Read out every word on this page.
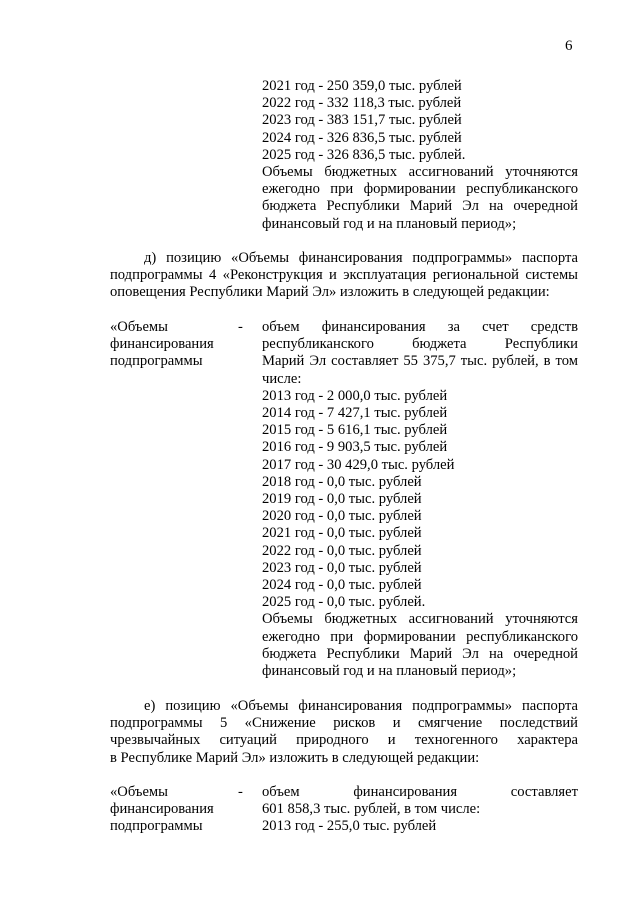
6
2021 год - 250 359,0 тыс. рублей
2022 год - 332 118,3 тыс. рублей
2023 год - 383 151,7 тыс. рублей
2024 год - 326 836,5 тыс. рублей
2025 год - 326 836,5 тыс. рублей.
Объемы бюджетных ассигнований уточняются
ежегодно при формировании республиканского
бюджета Республики Марий Эл на очередной
финансовый год и на плановый период»;
д) позицию «Объемы финансирования подпрограммы» паспорта
подпрограммы 4 «Реконструкция и эксплуатация региональной системы
оповещения Республики Марий Эл» изложить в следующей редакции:
«Объемы
финансирования
подпрограммы
- объем финансирования за счет средств
республиканского бюджета Республики
Марий Эл составляет 55 375,7 тыс. рублей, в том
числе:
2013 год - 2 000,0 тыс. рублей
2014 год - 7 427,1 тыс. рублей
2015 год - 5 616,1 тыс. рублей
2016 год - 9 903,5 тыс. рублей
2017 год - 30 429,0 тыс. рублей
2018 год - 0,0 тыс. рублей
2019 год - 0,0 тыс. рублей
2020 год - 0,0 тыс. рублей
2021 год - 0,0 тыс. рублей
2022 год - 0,0 тыс. рублей
2023 год - 0,0 тыс. рублей
2024 год - 0,0 тыс. рублей
2025 год - 0,0 тыс. рублей.
Объемы бюджетных ассигнований уточняются
ежегодно при формировании республиканского
бюджета Республики Марий Эл на очередной
финансовый год и на плановый период»;
е) позицию «Объемы финансирования подпрограммы» паспорта
подпрограммы 5 «Снижение рисков и смягчение последствий
чрезвычайных ситуаций природного и техногенного характера
в Республике Марий Эл» изложить в следующей редакции:
«Объемы
финансирования
подпрограммы
- объем финансирования составляет
601 858,3 тыс. рублей, в том числе:
2013 год - 255,0 тыс. рублей
